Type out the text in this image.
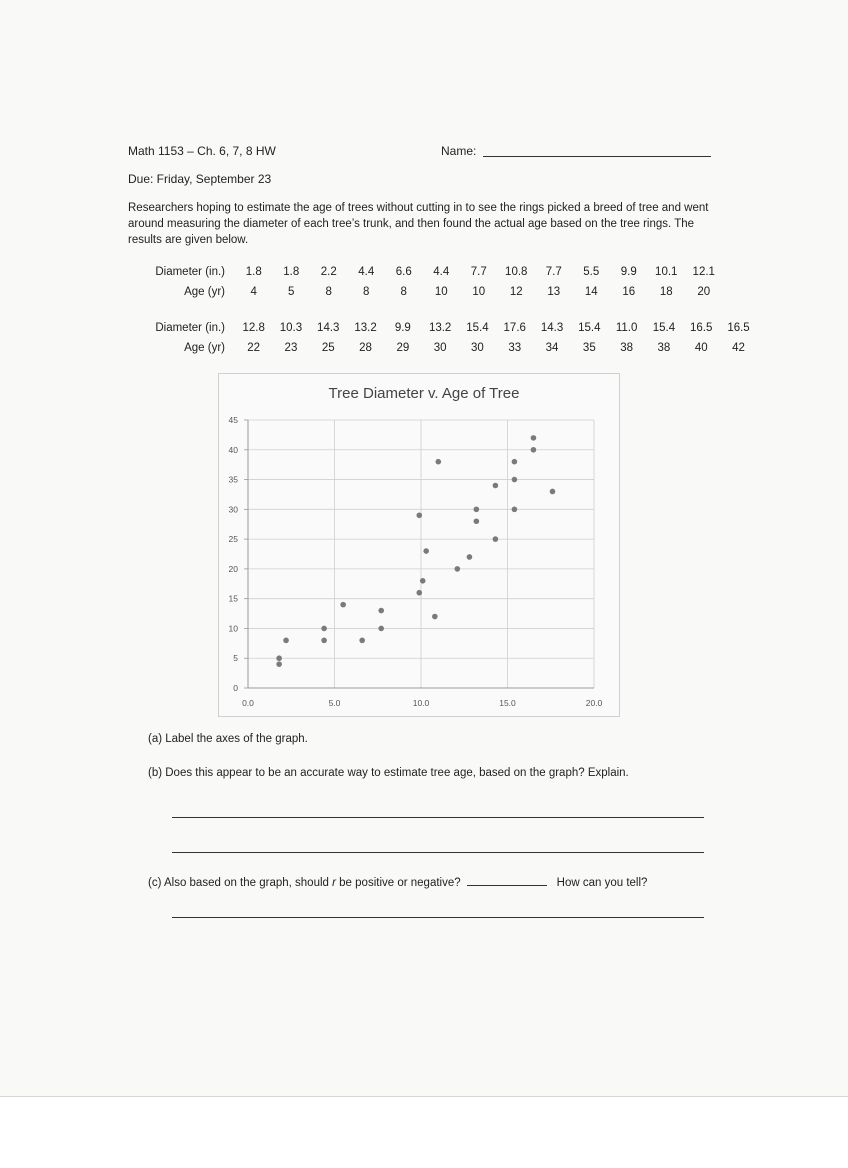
Math 1153 – Ch. 6, 7, 8 HW	Name:
Due: Friday, September 23
Researchers hoping to estimate the age of trees without cutting in to see the rings picked a breed of tree and went around measuring the diameter of each tree’s trunk, and then found the actual age based on the tree rings. The results are given below.
Diameter (in.)	1.8	1.8	2.2	4.4	6.6	4.4	7.7	10.8	7.7	5.5	9.9	10.1	12.1
Age (yr)	4	5	8	8	8	10	10	12	13	14	16	18	20
Diameter (in.)	12.8	10.3	14.3	13.2	9.9	13.2	15.4	17.6	14.3	15.4	11.0	15.4	16.5	16.5
Age (yr)	22	23	25	28	29	30	30	33	34	35	38	38	40	42
Tree Diameter v. Age of Tree
0
5
10
15
20
25
30
35
40
45
0.0	5.0	10.0	15.0	20.0
(a) Label the axes of the graph.
(b) Does this appear to be an accurate way to estimate tree age, based on the graph? Explain.
(c) Also based on the graph, should r be positive or negative?	How can you tell?
